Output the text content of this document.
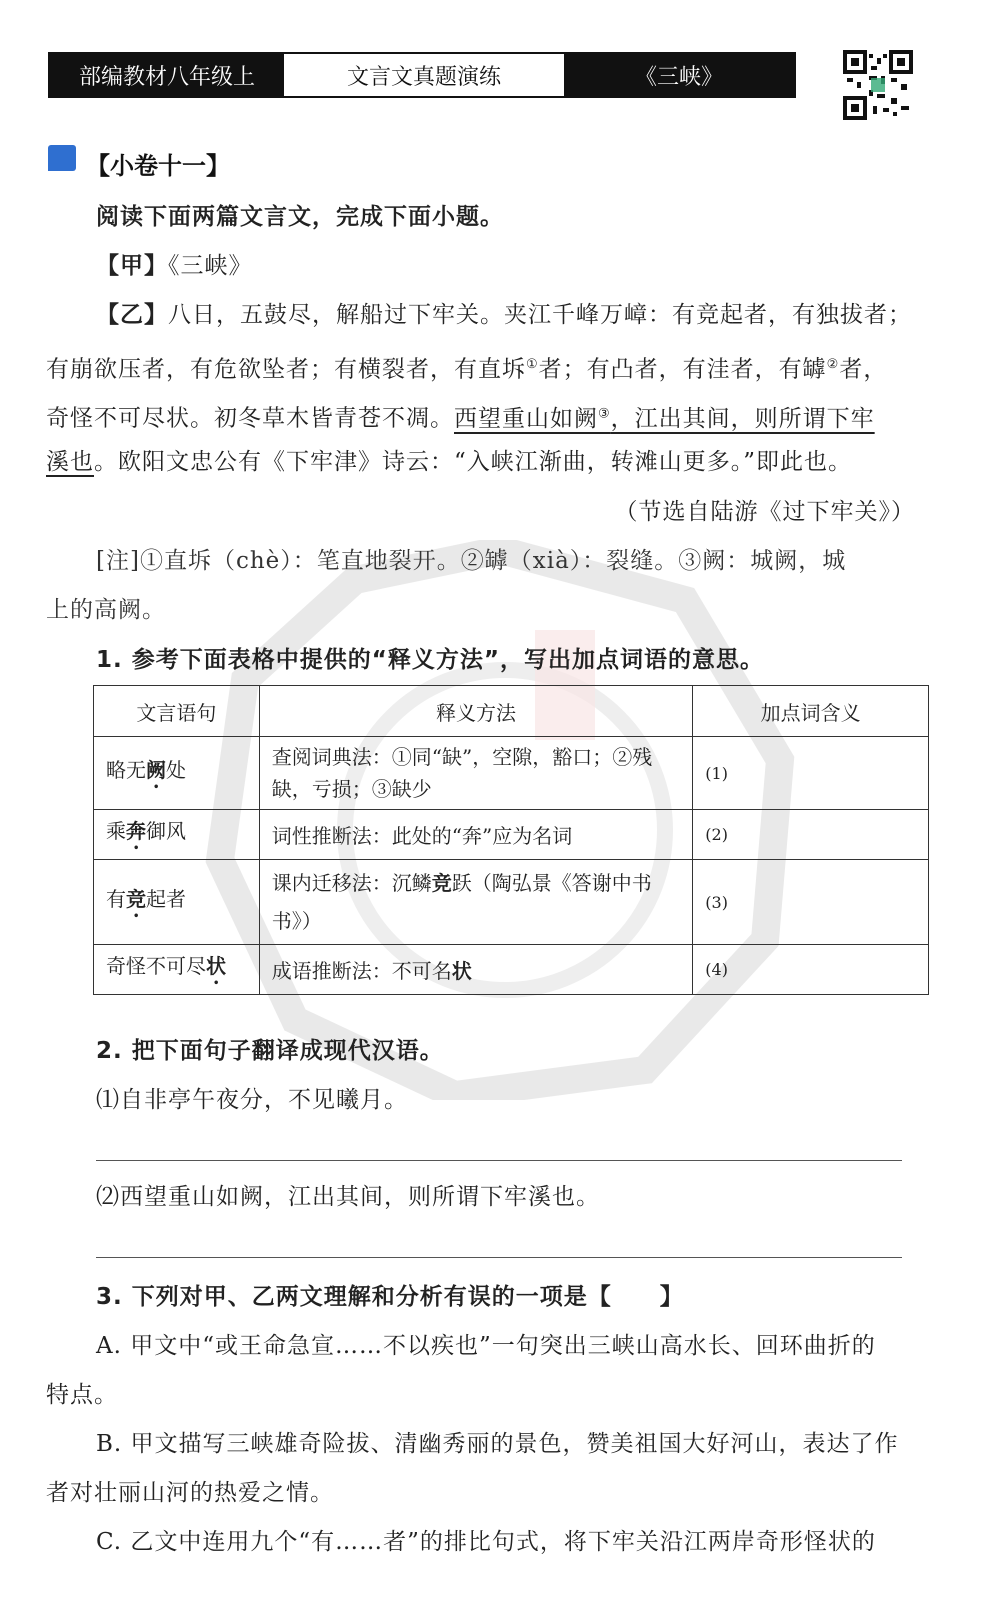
部编教材八年级上	文言文真题演练	《三峡》
【小卷十一】
阅读下面两篇文言文，完成下面小题。
【甲】《三峡》
【乙】八日，五鼓尽，解船过下牢关。夹江千峰万嶂：有竞起者，有独拔者；
有崩欲压者，有危欲坠者；有横裂者，有直坼①者；有凸者，有洼者，有罅②者，
奇怪不可尽状。初冬草木皆青苍不凋。西望重山如阙③，江出其间，则所谓下牢
溪也。欧阳文忠公有《下牢津》诗云：“入峡江渐曲，转滩山更多。”即此也。
（节选自陆游《过下牢关》）
[注]①直坼（chè）：笔直地裂开。②罅（xià）：裂缝。③阙：城阙，城
上的高阙。
1. 参考下面表格中提供的“释义方法”，写出加点词语的意思。
文言语句	释义方法	加点词含义
略无阙处	查阅词典法：①同“缺”，空隙，豁口；②残缺，亏损；③缺少	(1)
乘奔御风	词性推断法：此处的“奔”应为名词	(2)
有竞起者	课内迁移法：沉鳞竞跃（陶弘景《答谢中书书》）	(3)
奇怪不可尽状	成语推断法：不可名状	(4)
2. 把下面句子翻译成现代汉语。
⑴自非亭午夜分，不见曦月。
⑵西望重山如阙，江出其间，则所谓下牢溪也。
3. 下列对甲、乙两文理解和分析有误的一项是【　　】
A. 甲文中“或王命急宣……不以疾也”一句突出三峡山高水长、回环曲折的
特点。
B. 甲文描写三峡雄奇险拔、清幽秀丽的景色，赞美祖国大好河山，表达了作
者对壮丽山河的热爱之情。
C. 乙文中连用九个“有……者”的排比句式，将下牢关沿江两岸奇形怪状的
